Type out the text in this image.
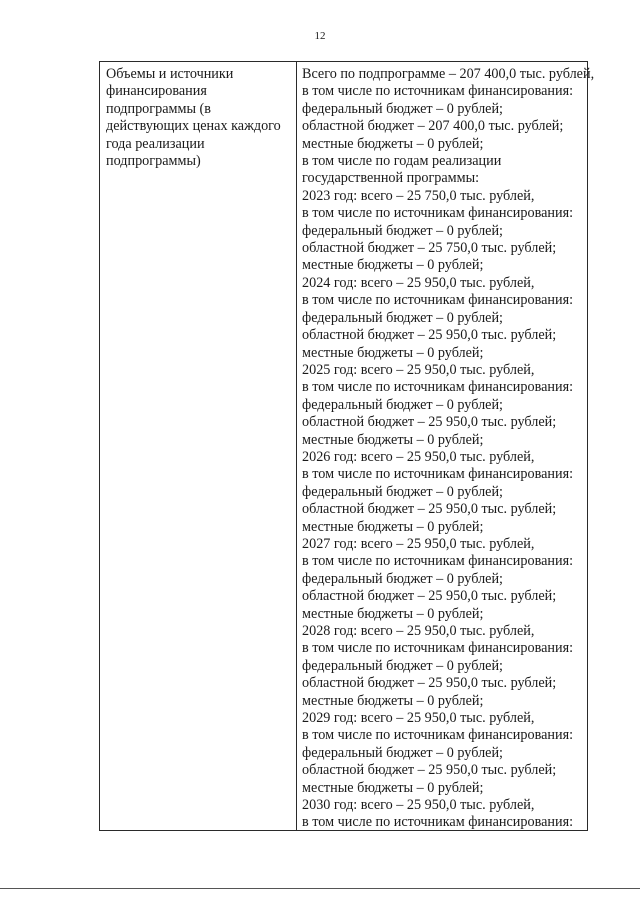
12
Объемы и источники
финансирования
подпрограммы (в
действующих ценах каждого
года реализации
подпрограммы)
Всего по подпрограмме – 207 400,0 тыс. рублей,
в том числе по источникам финансирования:
федеральный бюджет – 0 рублей;
областной бюджет – 207 400,0 тыс. рублей;
местные бюджеты – 0 рублей;
в том числе по годам реализации
государственной программы:
2023 год: всего – 25 750,0 тыс. рублей,
в том числе по источникам финансирования:
федеральный бюджет – 0 рублей;
областной бюджет – 25 750,0 тыс. рублей;
местные бюджеты – 0 рублей;
2024 год: всего – 25 950,0 тыс. рублей,
в том числе по источникам финансирования:
федеральный бюджет – 0 рублей;
областной бюджет – 25 950,0 тыс. рублей;
местные бюджеты – 0 рублей;
2025 год: всего – 25 950,0 тыс. рублей,
в том числе по источникам финансирования:
федеральный бюджет – 0 рублей;
областной бюджет – 25 950,0 тыс. рублей;
местные бюджеты – 0 рублей;
2026 год: всего – 25 950,0 тыс. рублей,
в том числе по источникам финансирования:
федеральный бюджет – 0 рублей;
областной бюджет – 25 950,0 тыс. рублей;
местные бюджеты – 0 рублей;
2027 год: всего – 25 950,0 тыс. рублей,
в том числе по источникам финансирования:
федеральный бюджет – 0 рублей;
областной бюджет – 25 950,0 тыс. рублей;
местные бюджеты – 0 рублей;
2028 год: всего – 25 950,0 тыс. рублей,
в том числе по источникам финансирования:
федеральный бюджет – 0 рублей;
областной бюджет – 25 950,0 тыс. рублей;
местные бюджеты – 0 рублей;
2029 год: всего – 25 950,0 тыс. рублей,
в том числе по источникам финансирования:
федеральный бюджет – 0 рублей;
областной бюджет – 25 950,0 тыс. рублей;
местные бюджеты – 0 рублей;
2030 год: всего – 25 950,0 тыс. рублей,
в том числе по источникам финансирования:
